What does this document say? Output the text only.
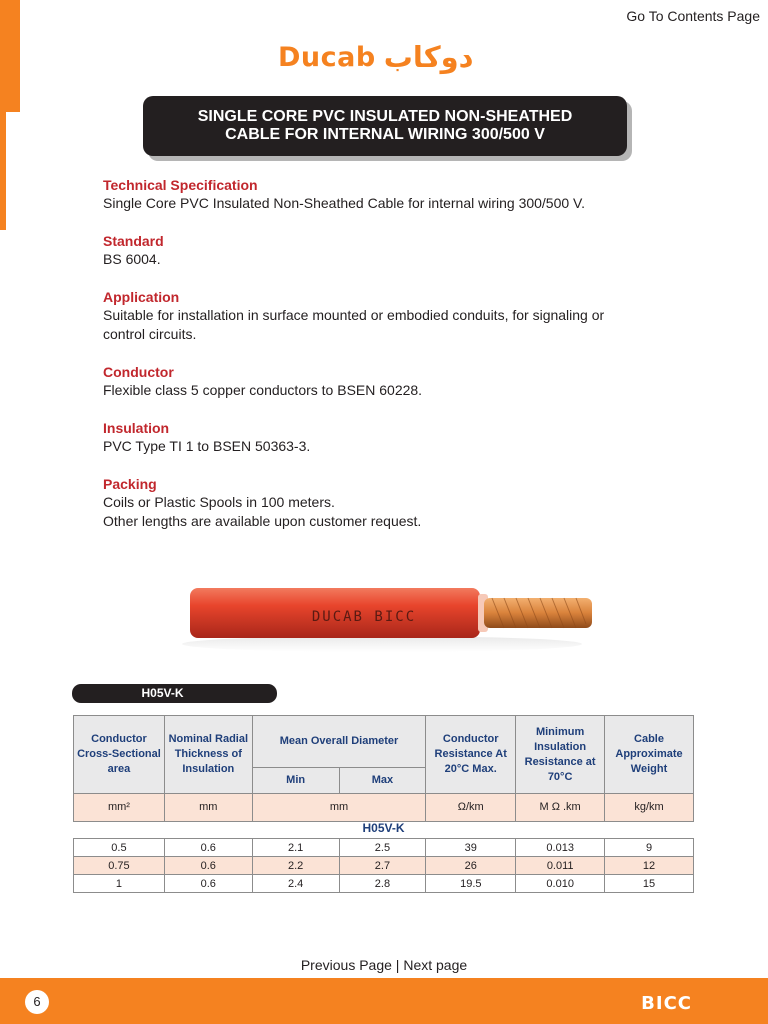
Go To Contents Page
Ducab دوكاب
SINGLE CORE PVC INSULATED NON-SHEATHED
CABLE FOR INTERNAL WIRING 300/500 V
Technical Specification

Single Core PVC Insulated Non-Sheathed Cable for internal wiring 300/500 V.

Standard

BS 6004.

Application

Suitable for installation in surface mounted or embodied conduits, for signaling or

control circuits.

Conductor

Flexible class 5 copper conductors to BSEN 60228.

Insulation

PVC Type TI 1 to BSEN 50363-3.

Packing

Coils or Plastic Spools in 100 meters.

Other lengths are available upon customer request.

DUCAB BICC
H05V-K
Conductor Cross-Sectional area	Nominal Radial Thickness of Insulation	Mean Overall Diameter		Conductor Resistance At 20°C Max.	Minimum Insulation Resistance at 70°C	Cable Approximate Weight
		Min	Max			
mm²	mm	mm		Ω/km	M Ω .km	kg/km
H05V-K
0.5	0.6	2.1	2.5	39	0.013	9
0.75	0.6	2.2	2.7	26	0.011	12
1	0.6	2.4	2.8	19.5	0.010	15
Previous Page | Next page
6	BICC
